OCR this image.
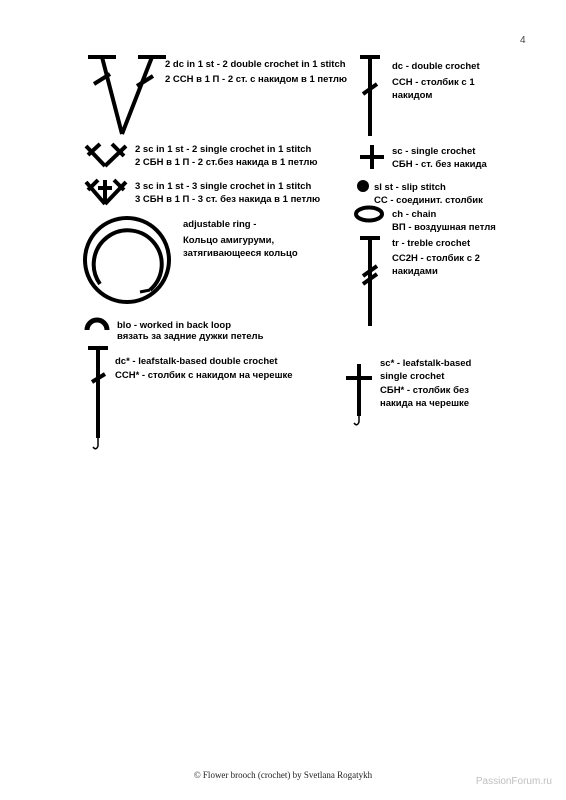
4
2 dc in 1 st - 2 double crochet in 1 stitch
2 ССН в 1 П - 2 ст. с накидом в 1 петлю
2 sc in 1 st - 2 single crochet in 1 stitch
2 СБН в 1 П - 2 ст.без накида в 1 петлю
3 sc in 1 st - 3 single crochet in 1 stitch
3 СБН в 1 П - 3 ст. без накида в 1 петлю
adjustable ring -
Кольцо амигуруми,
затягивающееся кольцо
blo - worked in back loop
вязать за задние дужки петель
dc* - leafstalk-based double crochet
ССН* - столбик с накидом на черешке
dc - double crochet
ССН - столбик с 1
накидом
sc - single crochet
СБН - ст. без накида
sl st - slip stitch
СС - соединит. столбик
ch - chain
ВП - воздушная петля
tr - treble crochet
СС2Н - столбик с 2
накидами
sc* - leafstalk-based
single crochet
СБН* - столбик без
накида на черешке
© Flower brooch (crochet) by Svetlana Rogatykh
PassionForum.ru
